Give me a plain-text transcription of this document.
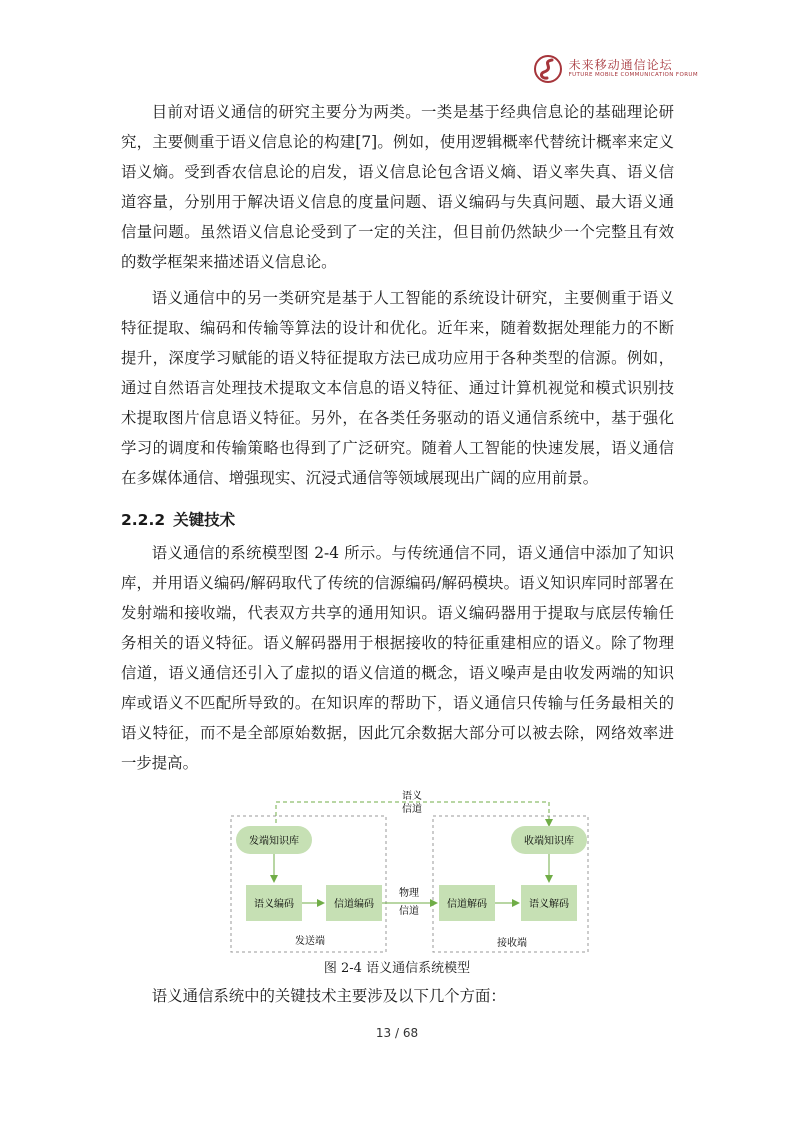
未来移动通信论坛
FUTURE MOBILE COMMUNICATION FORUM

目前对语义通信的研究主要分为两类。一类是基于经典信息论的基础理论研究，主要侧重于语义信息论的构建[7]。例如，使用逻辑概率代替统计概率来定义语义熵。受到香农信息论的启发，语义信息论包含语义熵、语义率失真、语义信道容量，分别用于解决语义信息的度量问题、语义编码与失真问题、最大语义通信量问题。虽然语义信息论受到了一定的关注，但目前仍然缺少一个完整且有效的数学框架来描述语义信息论。

语义通信中的另一类研究是基于人工智能的系统设计研究，主要侧重于语义特征提取、编码和传输等算法的设计和优化。近年来，随着数据处理能力的不断提升，深度学习赋能的语义特征提取方法已成功应用于各种类型的信源。例如，通过自然语言处理技术提取文本信息的语义特征、通过计算机视觉和模式识别技术提取图片信息语义特征。另外，在各类任务驱动的语义通信系统中，基于强化学习的调度和传输策略也得到了广泛研究。随着人工智能的快速发展，语义通信在多媒体通信、增强现实、沉浸式通信等领域展现出广阔的应用前景。

2.2.2 关键技术

语义通信的系统模型图 2-4 所示。与传统通信不同，语义通信中添加了知识库，并用语义编码/解码取代了传统的信源编码/解码模块。语义知识库同时部署在发射端和接收端，代表双方共享的通用知识。语义编码器用于提取与底层传输任务相关的语义特征。语义解码器用于根据接收的特征重建相应的语义。除了物理信道，语义通信还引入了虚拟的语义信道的概念，语义噪声是由收发两端的知识库或语义不匹配所导致的。在知识库的帮助下，语义通信只传输与任务最相关的语义特征，而不是全部原始数据，因此冗余数据大部分可以被去除，网络效率进一步提高。

语义
信道
发端知识库	收端知识库
语义编码	信道编码	信道解码	语义解码
物理
信道
发送端	接收端
图 2-4 语义通信系统模型

语义通信系统中的关键技术主要涉及以下几个方面：

13 / 68
